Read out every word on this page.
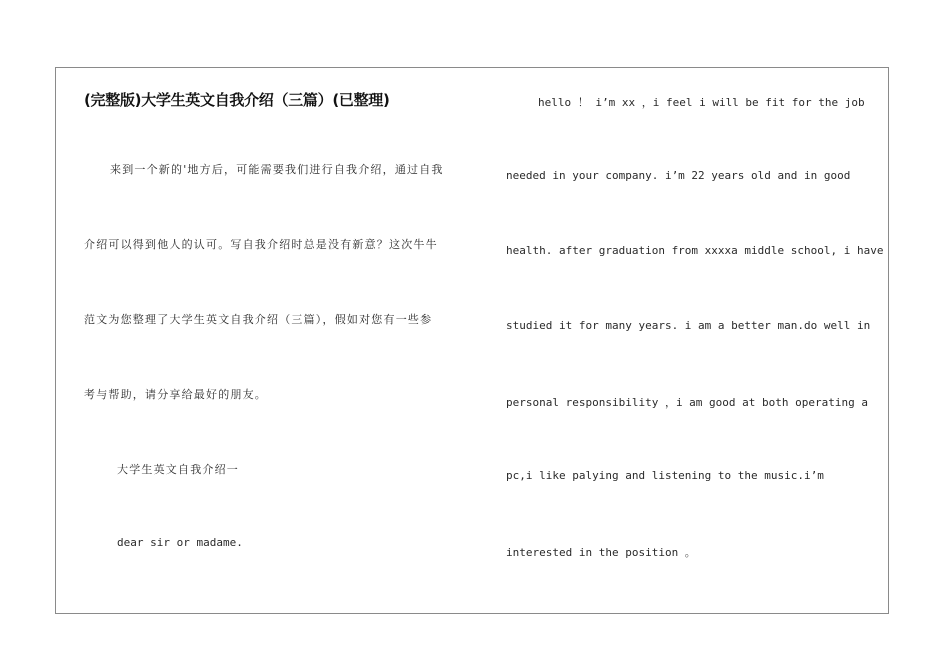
(完整版)大学生英文自我介绍（三篇）(已整理)
来到一个新的'地方后，可能需要我们进行自我介绍，通过自我
介绍可以得到他人的认可。写自我介绍时总是没有新意？这次牛牛
范文为您整理了大学生英文自我介绍（三篇），假如对您有一些参
考与帮助，请分享给最好的朋友。
大学生英文自我介绍一
dear sir or madame.
hello ！ i’m xx ，i feel i will be fit for the job
needed in your company. i’m 22 years old and in good
health. after graduation from xxxxa middle school, i have
studied it for many years. i am a better man.do well in
personal responsibility ，i am good at both operating a
pc,i like palying and listening to the music.i’m
interested in the position 。
